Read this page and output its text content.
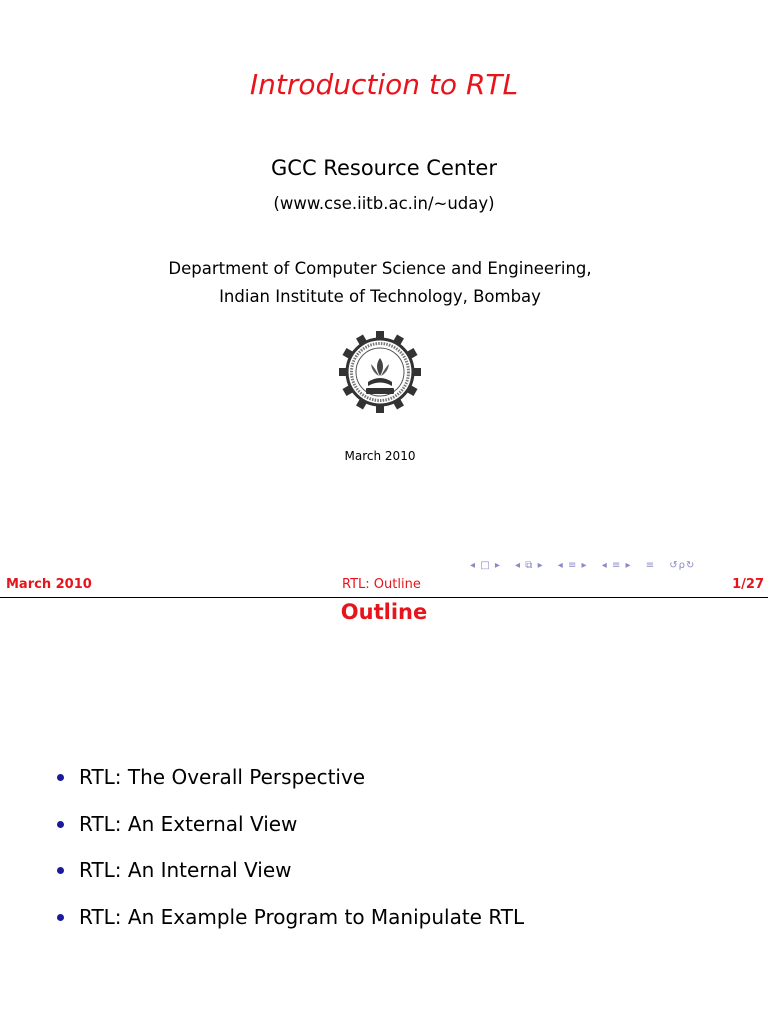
Introduction to RTL
GCC Resource Center
(www.cse.iitb.ac.in/~uday)
Department of Computer Science and Engineering,
Indian Institute of Technology, Bombay
March 2010
◂ □ ▸ ◂ ⧉ ▸ ◂ ≡ ▸ ◂ ≡ ▸ ≡ ↺ρ↻
March 2010	RTL: Outline	1/27
Outline
RTL: The Overall Perspective
RTL: An External View
RTL: An Internal View
RTL: An Example Program to Manipulate RTL
